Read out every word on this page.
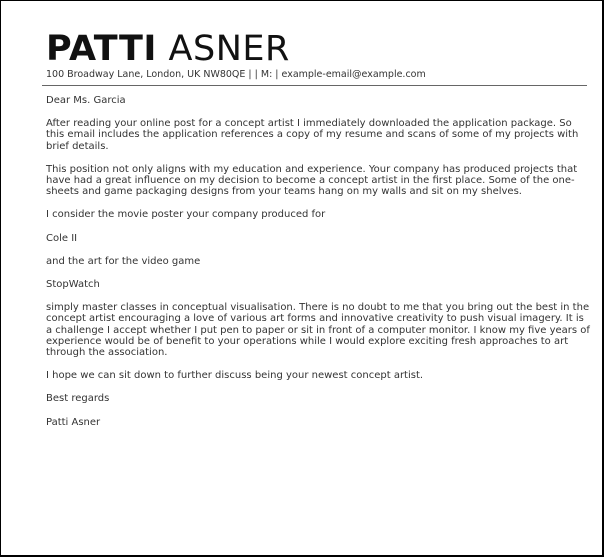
PATTI ASNER
100 Broadway Lane, London, UK NW80QE | | M: | example-email@example.com

Dear Ms. Garcia

After reading your online post for a concept artist I immediately downloaded the application package. So this email includes the application references a copy of my resume and scans of some of my projects with brief details.

This position not only aligns with my education and experience. Your company has produced projects that have had a great influence on my decision to become a concept artist in the first place. Some of the one-sheets and game packaging designs from your teams hang on my walls and sit on my shelves.

I consider the movie poster your company produced for

Cole II

and the art for the video game

StopWatch

simply master classes in conceptual visualisation. There is no doubt to me that you bring out the best in the concept artist encouraging a love of various art forms and innovative creativity to push visual imagery. It is a challenge I accept whether I put pen to paper or sit in front of a computer monitor. I know my five years of experience would be of benefit to your operations while I would explore exciting fresh approaches to art through the association.

I hope we can sit down to further discuss being your newest concept artist.

Best regards

Patti Asner
